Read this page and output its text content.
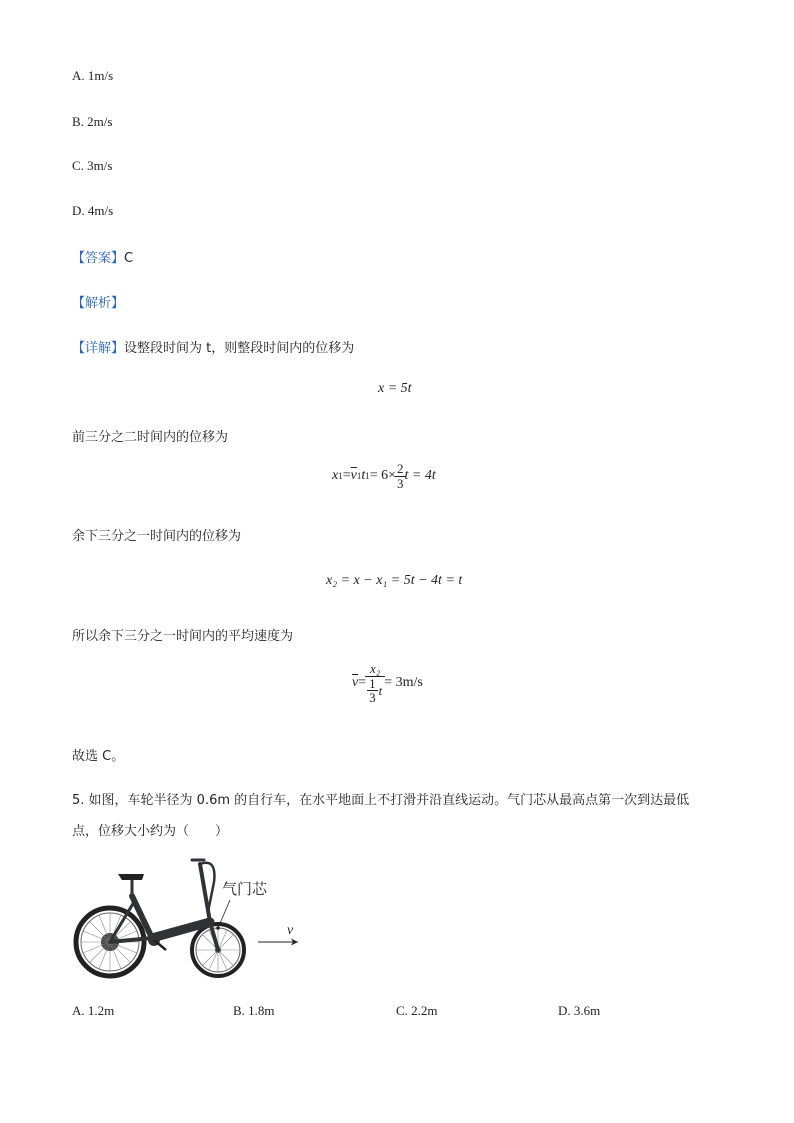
A. 1m/s
B. 2m/s
C. 3m/s
D. 4m/s
【答案】C
【解析】
【详解】设整段时间为 t，则整段时间内的位移为
x = 5t
前三分之二时间内的位移为
x $1 = \overline{v}$ 1 t $1 = 6\times \frac{2}{3}$ t = 4t
余下三分之一时间内的位移为
x₂ = x − x₁ = 5t − 4t = t
所以余下三分之一时间内的平均速度为
$\overline{v} = \frac{\text{x₂}}{\frac{1}{3} t} = 3m/s$
故选 C。
5. 如图，车轮半径为 0.6m 的自行车，在水平地面上不打滑并沿直线运动。气门芯从最高点第一次到达最低
点，位移大小约为（　　）
气门芯
v
A. 1.2m	B. 1.8m	C. 2.2m	D. 3.6m
